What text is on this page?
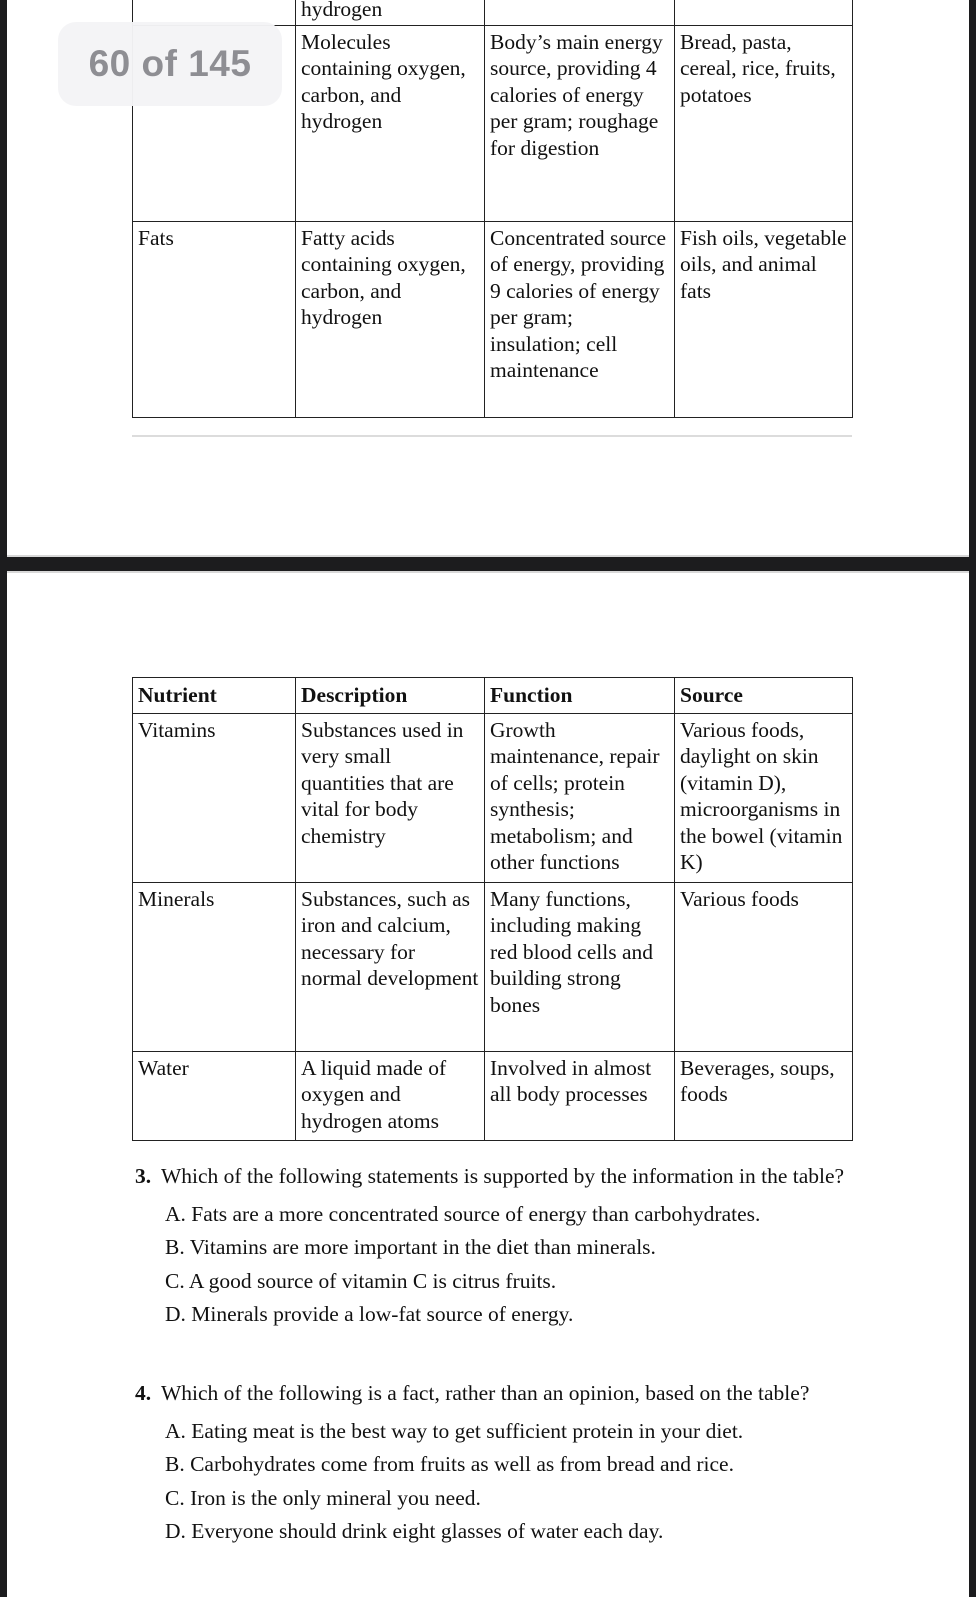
	hydrogen		
	Molecules containing oxygen, carbon, and hydrogen	Body’s main energy source, providing 4 calories of energy per gram; roughage for digestion	Bread, pasta, cereal, rice, fruits, potatoes
Fats	Fatty acids containing oxygen, carbon, and hydrogen	Concentrated source of energy, providing 9 calories of energy per gram; insulation; cell maintenance	Fish oils, vegetable oils, and animal fats
60 of 145
Nutrient	Description	Function	Source
Vitamins	Substances used in very small quantities that are vital for body chemistry	Growth maintenance, repair of cells; protein synthesis; metabolism; and other functions	Various foods, daylight on skin (vitamin D), microorganisms in the bowel (vitamin K)
Minerals	Substances, such as iron and calcium, necessary for normal development	Many functions, including making red blood cells and building strong bones	Various foods
Water	A liquid made of oxygen and hydrogen atoms	Involved in almost all body processes	Beverages, soups, foods
3. Which of the following statements is supported by the information in the table?
A. Fats are a more concentrated source of energy than carbohydrates.
B. Vitamins are more important in the diet than minerals.
C. A good source of vitamin C is citrus fruits.
D. Minerals provide a low-fat source of energy.
4. Which of the following is a fact, rather than an opinion, based on the table?
A. Eating meat is the best way to get sufficient protein in your diet.
B. Carbohydrates come from fruits as well as from bread and rice.
C. Iron is the only mineral you need.
D. Everyone should drink eight glasses of water each day.
